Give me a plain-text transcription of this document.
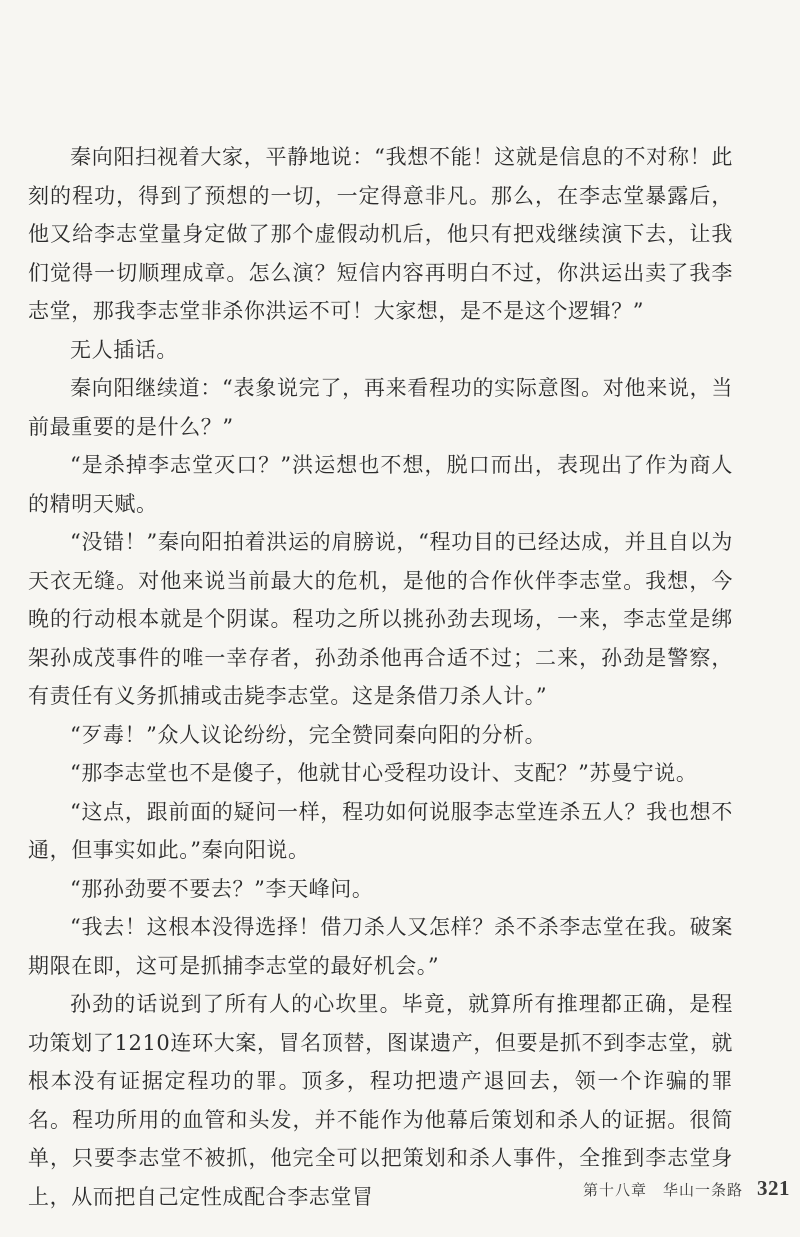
秦向阳扫视着大家，平静地说：“我想不能！这就是信息的不对称！此刻的程功，得到了预想的一切，一定得意非凡。那么，在李志堂暴露后，他又给李志堂量身定做了那个虚假动机后，他只有把戏继续演下去，让我们觉得一切顺理成章。怎么演？短信内容再明白不过，你洪运出卖了我李志堂，那我李志堂非杀你洪运不可！大家想，是不是这个逻辑？”

无人插话。

秦向阳继续道：“表象说完了，再来看程功的实际意图。对他来说，当前最重要的是什么？”

“是杀掉李志堂灭口？”洪运想也不想，脱口而出，表现出了作为商人的精明天赋。

“没错！”秦向阳拍着洪运的肩膀说，“程功目的已经达成，并且自以为天衣无缝。对他来说当前最大的危机，是他的合作伙伴李志堂。我想，今晚的行动根本就是个阴谋。程功之所以挑孙劲去现场，一来，李志堂是绑架孙成茂事件的唯一幸存者，孙劲杀他再合适不过；二来，孙劲是警察，有责任有义务抓捕或击毙李志堂。这是条借刀杀人计。”

“歹毒！”众人议论纷纷，完全赞同秦向阳的分析。

“那李志堂也不是傻子，他就甘心受程功设计、支配？”苏曼宁说。

“这点，跟前面的疑问一样，程功如何说服李志堂连杀五人？我也想不通，但事实如此。”秦向阳说。

“那孙劲要不要去？”李天峰问。

“我去！这根本没得选择！借刀杀人又怎样？杀不杀李志堂在我。破案期限在即，这可是抓捕李志堂的最好机会。”

孙劲的话说到了所有人的心坎里。毕竟，就算所有推理都正确，是程功策划了1210连环大案，冒名顶替，图谋遗产，但要是抓不到李志堂，就根本没有证据定程功的罪。顶多，程功把遗产退回去，领一个诈骗的罪名。程功所用的血管和头发，并不能作为他幕后策划和杀人的证据。很简单，只要李志堂不被抓，他完全可以把策划和杀人事件，全推到李志堂身上，从而把自己定性成配合李志堂冒	第十八章　华山一条路 321
